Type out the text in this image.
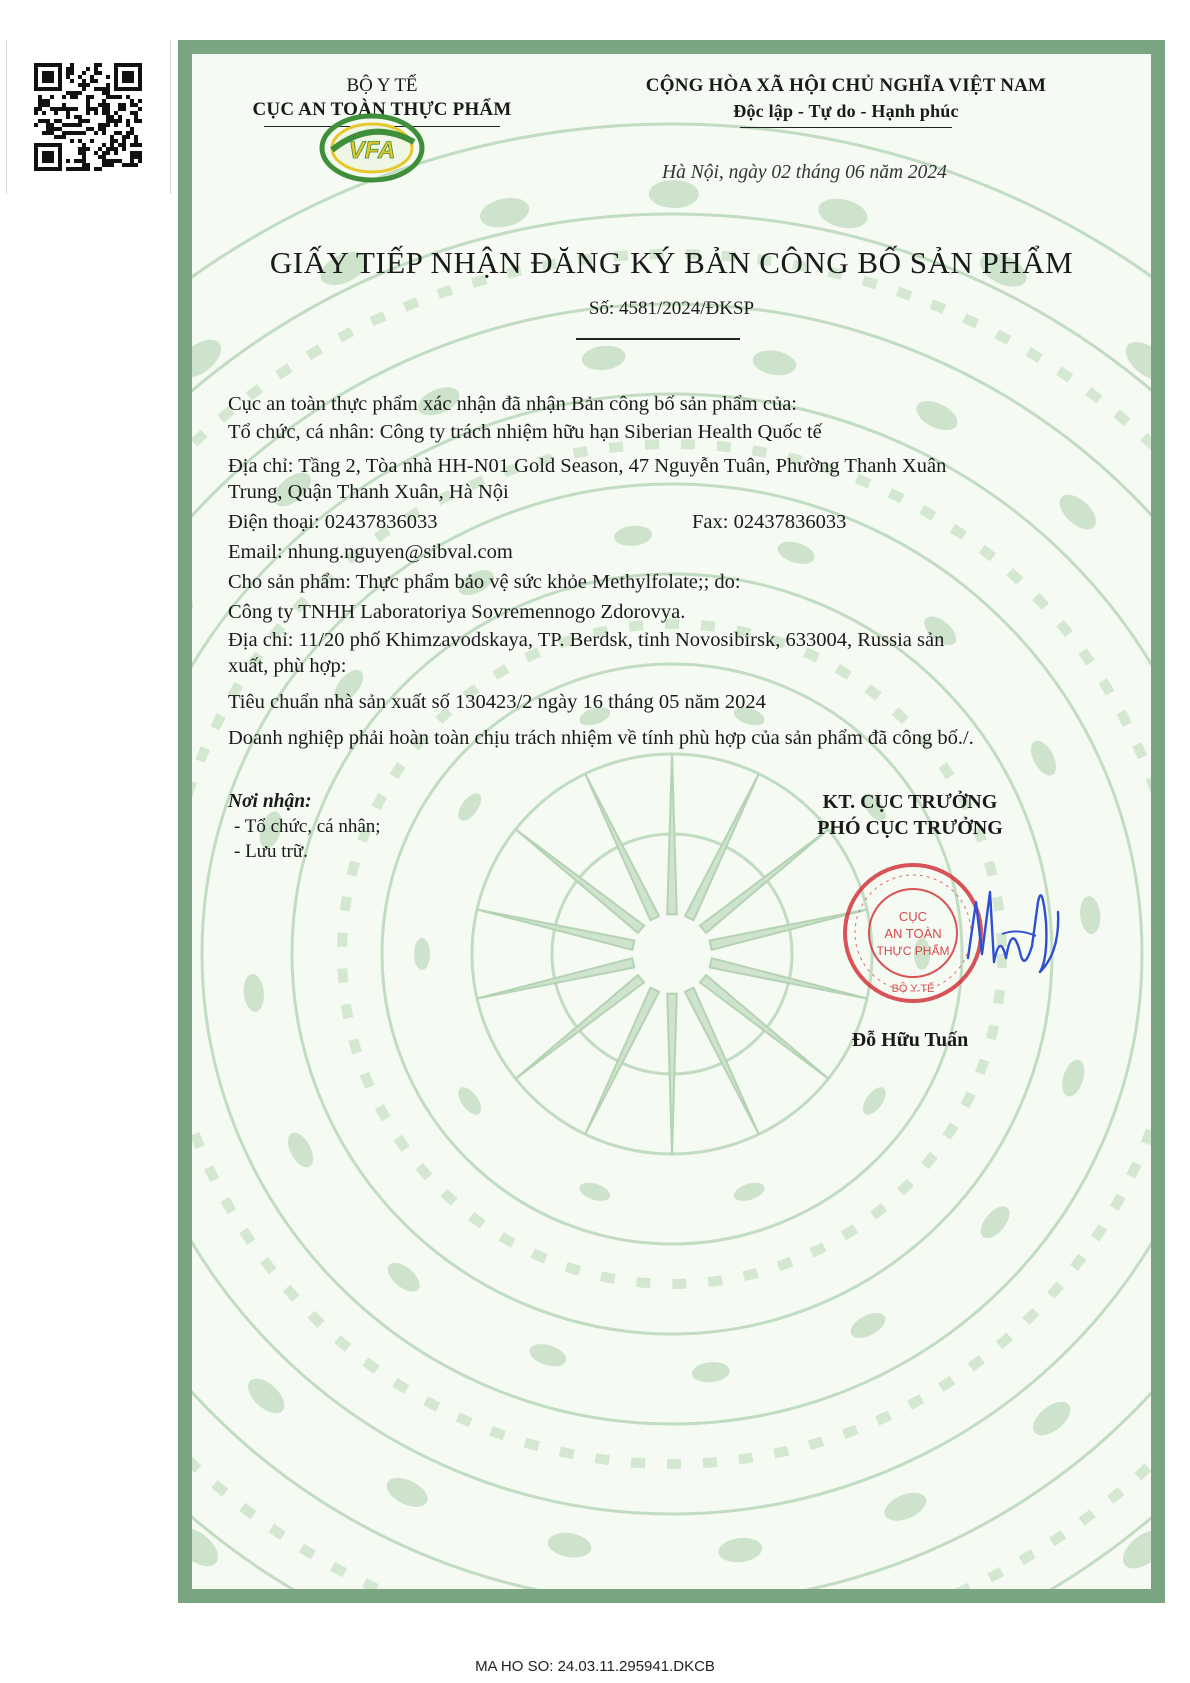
BỘ Y TẾ
CỤC AN TOÀN THỰC PHẨM
VFA
CỘNG HÒA XÃ HỘI CHỦ NGHĨA VIỆT NAM
Độc lập - Tự do - Hạnh phúc
Hà Nội, ngày 02 tháng 06 năm 2024
GIẤY TIẾP NHẬN ĐĂNG KÝ BẢN CÔNG BỐ SẢN PHẨM
Số: 4581/2024/ĐKSP
Cục an toàn thực phẩm xác nhận đã nhận Bản công bố sản phẩm của:
Tổ chức, cá nhân: Công ty trách nhiệm hữu hạn Siberian Health Quốc tế
Địa chỉ: Tầng 2, Tòa nhà HH-N01 Gold Season, 47 Nguyễn Tuân, Phường Thanh Xuân
Trung, Quận Thanh Xuân, Hà Nội
Điện thoại: 02437836033	Fax: 02437836033
Email: nhung.nguyen@sibval.com
Cho sản phẩm: Thực phẩm bảo vệ sức khỏe Methylfolate;; do:
Công ty TNHH Laboratoriya Sovremennogo Zdorovya.
Địa chỉ: 11/20 phố Khimzavodskaya, TP. Berdsk, tỉnh Novosibirsk, 633004, Russia sản
xuất, phù hợp:
Tiêu chuẩn nhà sản xuất số 130423/2 ngày 16 tháng 05 năm 2024
Doanh nghiệp phải hoàn toàn chịu trách nhiệm về tính phù hợp của sản phẩm đã công bố./.
Nơi nhận:
- Tổ chức, cá nhân;
- Lưu trữ.
KT. CỤC TRƯỞNG
PHÓ CỤC TRƯỞNG
BỘ Y TẾ
CỤC
AN TOÀN
THỰC PHẨM
Đỗ Hữu Tuấn
MA HO SO: 24.03.11.295941.DKCB
